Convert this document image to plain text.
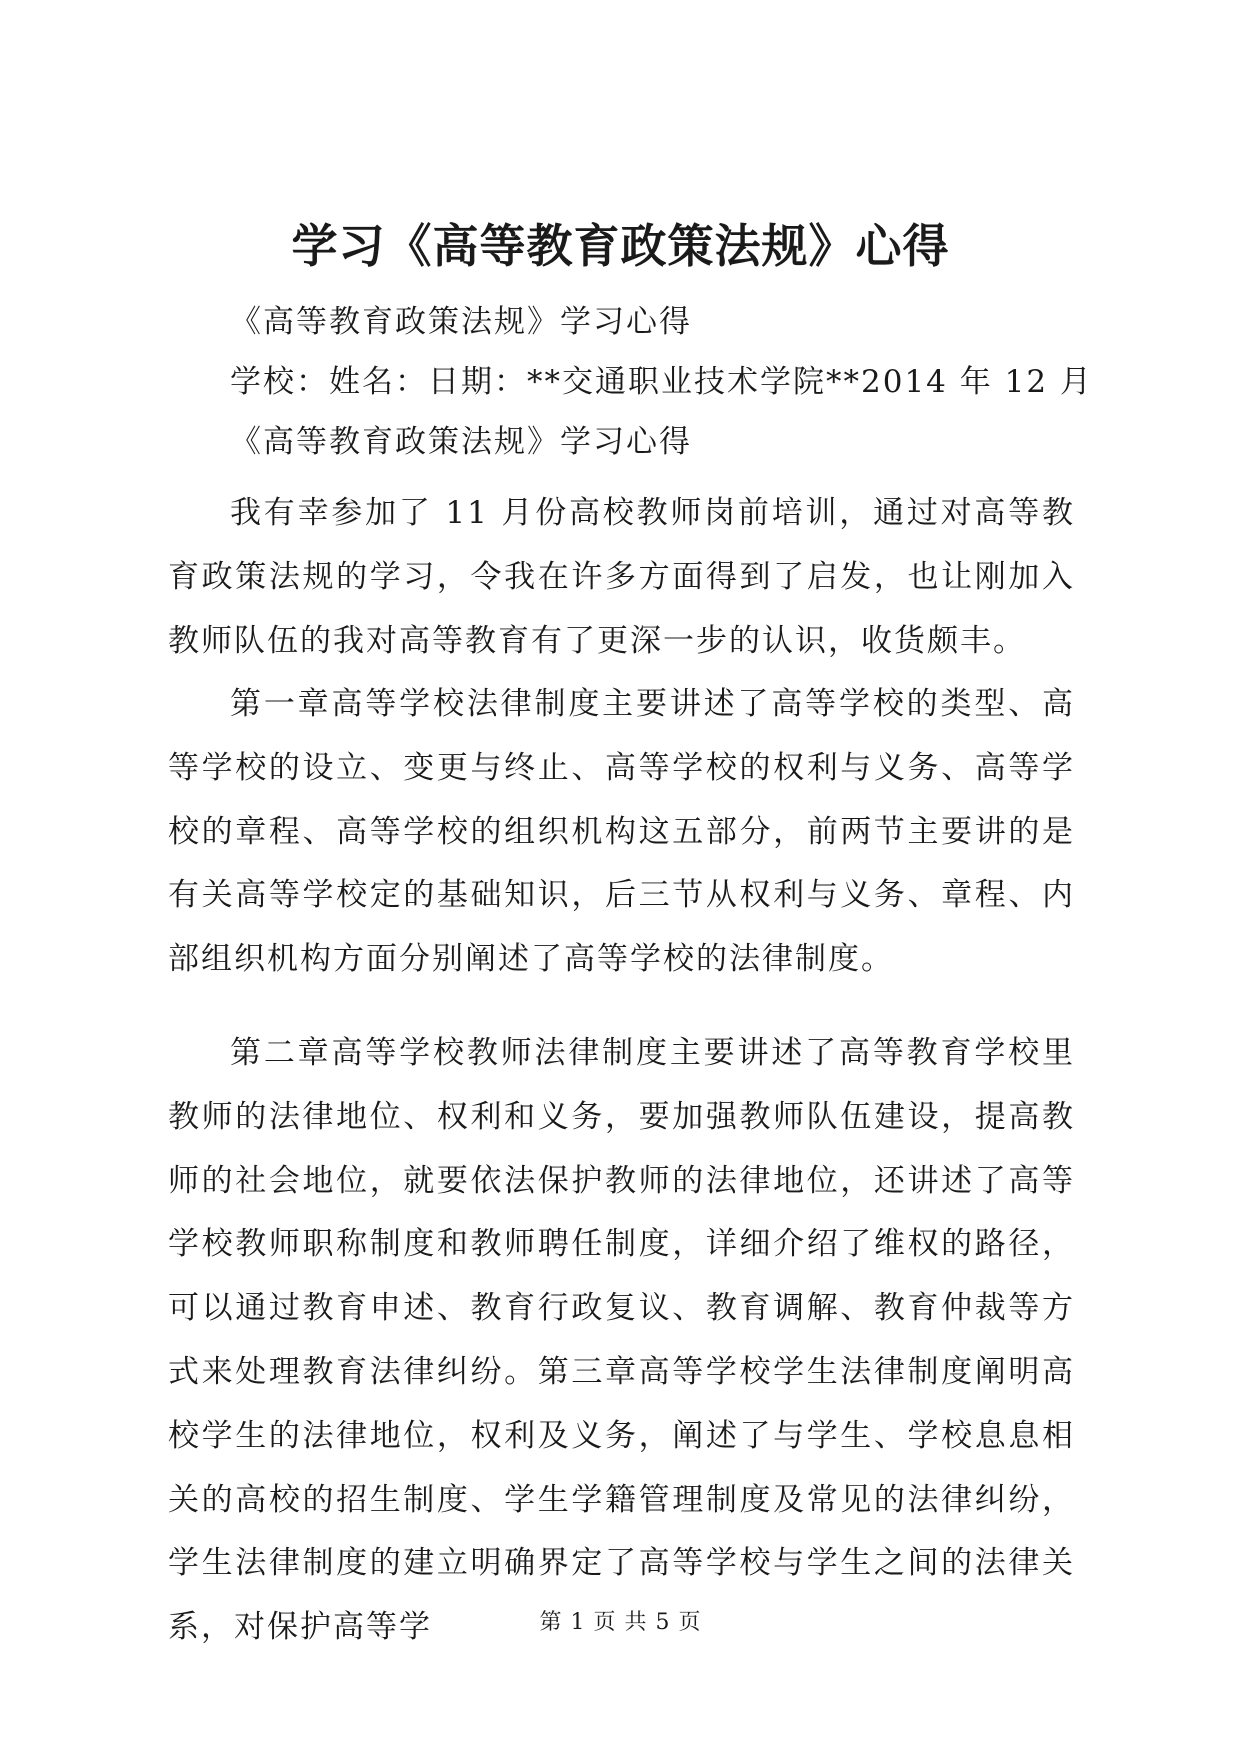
学习《高等教育政策法规》心得

《高等教育政策法规》学习心得

学校：姓名：日期：**交通职业技术学院**2014 年 12 月

《高等教育政策法规》学习心得

我有幸参加了 11 月份高校教师岗前培训，通过对高等教育政策法规的学习，令我在许多方面得到了启发，也让刚加入教师队伍的我对高等教育有了更深一步的认识，收货颇丰。

第一章高等学校法律制度主要讲述了高等学校的类型、高等学校的设立、变更与终止、高等学校的权利与义务、高等学校的章程、高等学校的组织机构这五部分，前两节主要讲的是有关高等学校定的基础知识，后三节从权利与义务、章程、内部组织机构方面分别阐述了高等学校的法律制度。

第二章高等学校教师法律制度主要讲述了高等教育学校里教师的法律地位、权利和义务，要加强教师队伍建设，提高教师的社会地位，就要依法保护教师的法律地位，还讲述了高等学校教师职称制度和教师聘任制度，详细介绍了维权的路径，可以通过教育申述、教育行政复议、教育调解、教育仲裁等方式来处理教育法律纠纷。第三章高等学校学生法律制度阐明高校学生的法律地位，权利及义务，阐述了与学生、学校息息相关的高校的招生制度、学生学籍管理制度及常见的法律纠纷，学生法律制度的建立明确界定了高等学校与学生之间的法律关系，对保护高等学	第 1 页 共 5 页
